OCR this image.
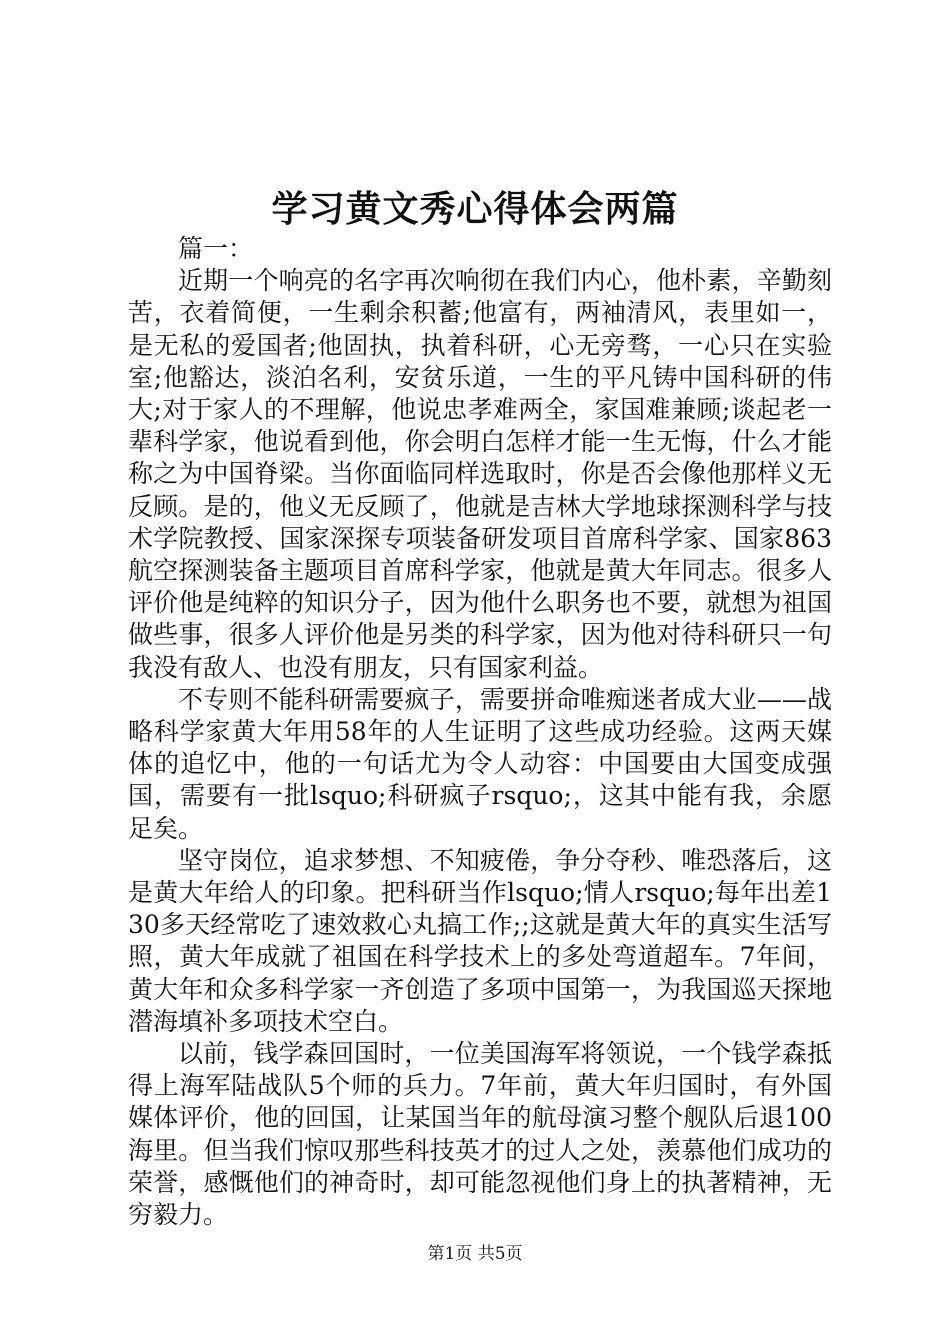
学习黄文秀心得体会两篇

篇一：

近期一个响亮的名字再次响彻在我们内心，他朴素，辛勤刻苦，衣着简便，一生剩余积蓄;他富有，两袖清风，表里如一，是无私的爱国者;他固执，执着科研，心无旁骛，一心只在实验室;他豁达，淡泊名利，安贫乐道，一生的平凡铸中国科研的伟大;对于家人的不理解，他说忠孝难两全，家国难兼顾;谈起老一辈科学家，他说看到他，你会明白怎样才能一生无悔，什么才能称之为中国脊梁。当你面临同样选取时，你是否会像他那样义无反顾。是的，他义无反顾了，他就是吉林大学地球探测科学与技术学院教授、国家深探专项装备研发项目首席科学家、国家863航空探测装备主题项目首席科学家，他就是黄大年同志。很多人评价他是纯粹的知识分子，因为他什么职务也不要，就想为祖国做些事，很多人评价他是另类的科学家，因为他对待科研只一句我没有敌人、也没有朋友，只有国家利益。

不专则不能科研需要疯子，需要拼命唯痴迷者成大业——战略科学家黄大年用58年的人生证明了这些成功经验。这两天媒体的追忆中，他的一句话尤为令人动容：中国要由大国变成强国，需要有一批lsquo;科研疯子rsquo;，这其中能有我，余愿足矣。

坚守岗位，追求梦想、不知疲倦，争分夺秒、唯恐落后，这是黄大年给人的印象。把科研当作lsquo;情人rsquo;每年出差130多天经常吃了速效救心丸搞工作;;这就是黄大年的真实生活写照，黄大年成就了祖国在科学技术上的多处弯道超车。7年间，黄大年和众多科学家一齐创造了多项中国第一，为我国巡天探地潜海填补多项技术空白。

以前，钱学森回国时，一位美国海军将领说，一个钱学森抵得上海军陆战队5个师的兵力。7年前，黄大年归国时，有外国媒体评价，他的回国，让某国当年的航母演习整个舰队后退100海里。但当我们惊叹那些科技英才的过人之处，羡慕他们成功的荣誉，感慨他们的神奇时，却可能忽视他们身上的执著精神，无穷毅力。

第1页 共5页
